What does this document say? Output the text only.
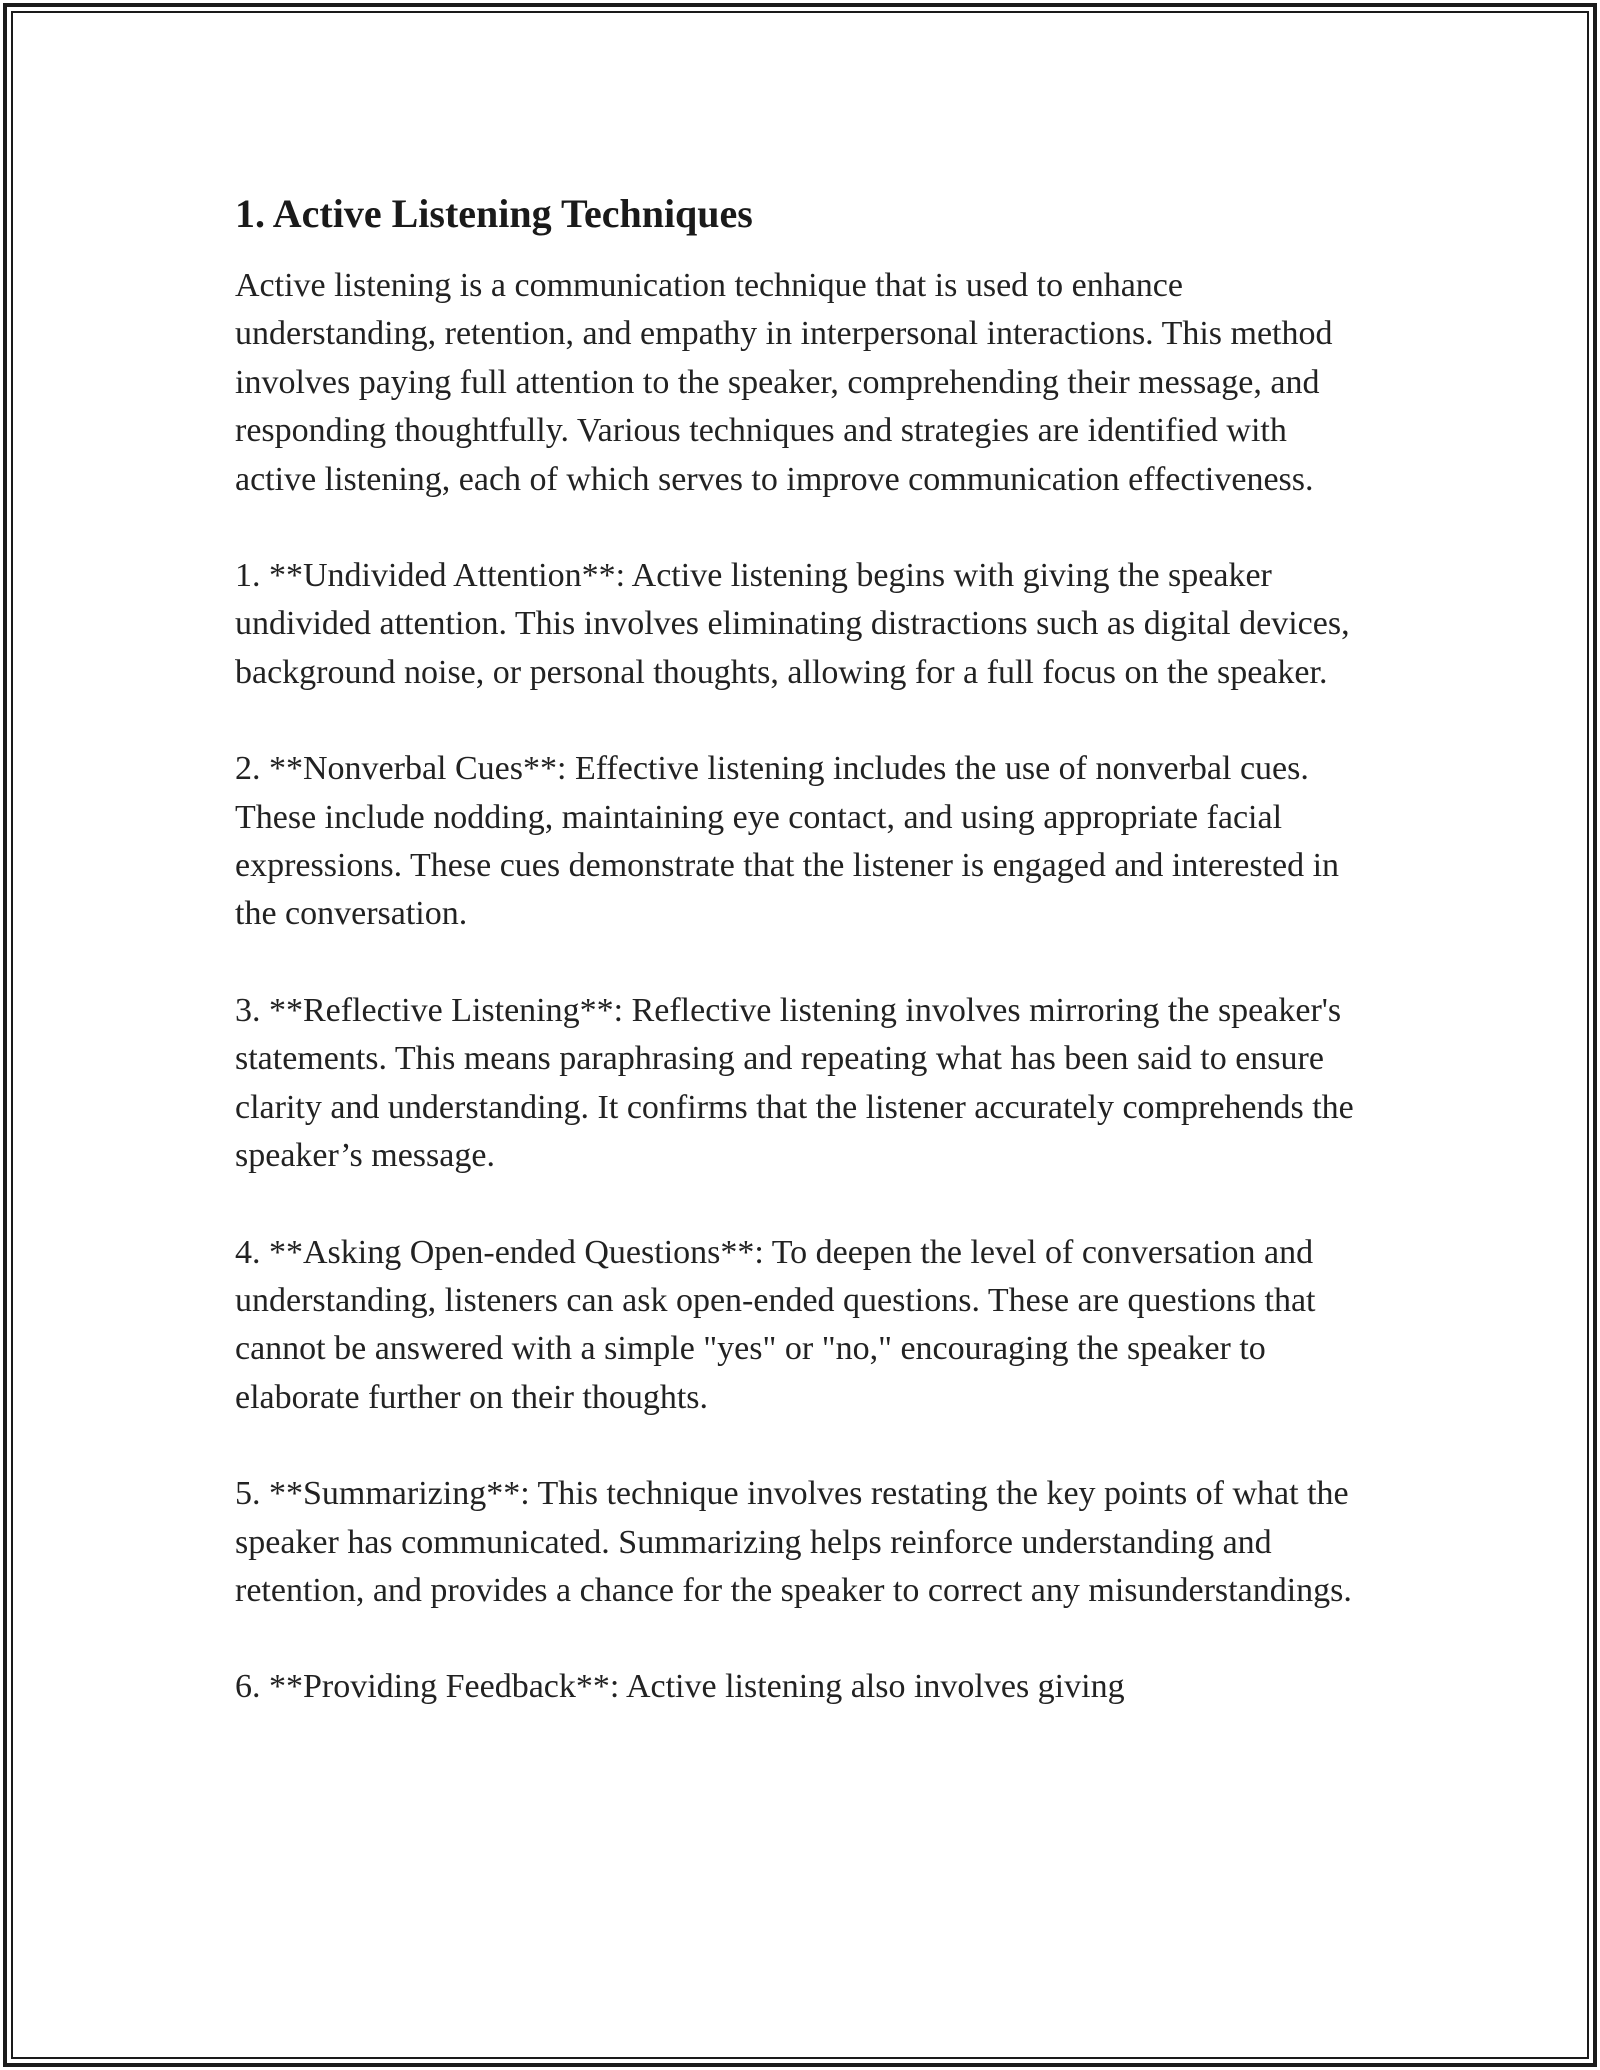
1. Active Listening Techniques

Active listening is a communication technique that is used to enhance understanding, retention, and empathy in interpersonal interactions. This method involves paying full attention to the speaker, comprehending their message, and responding thoughtfully. Various techniques and strategies are identified with active listening, each of which serves to improve communication effectiveness.

1. **Undivided Attention**: Active listening begins with giving the speaker undivided attention. This involves eliminating distractions such as digital devices, background noise, or personal thoughts, allowing for a full focus on the speaker.

2. **Nonverbal Cues**: Effective listening includes the use of nonverbal cues. These include nodding, maintaining eye contact, and using appropriate facial expressions. These cues demonstrate that the listener is engaged and interested in the conversation.

3. **Reflective Listening**: Reflective listening involves mirroring the speaker's statements. This means paraphrasing and repeating what has been said to ensure clarity and understanding. It confirms that the listener accurately comprehends the speaker’s message.

4. **Asking Open-ended Questions**: To deepen the level of conversation and understanding, listeners can ask open-ended questions. These are questions that cannot be answered with a simple "yes" or "no," encouraging the speaker to elaborate further on their thoughts.

5. **Summarizing**: This technique involves restating the key points of what the speaker has communicated. Summarizing helps reinforce understanding and retention, and provides a chance for the speaker to correct any misunderstandings.

6. **Providing Feedback**: Active listening also involves giving
